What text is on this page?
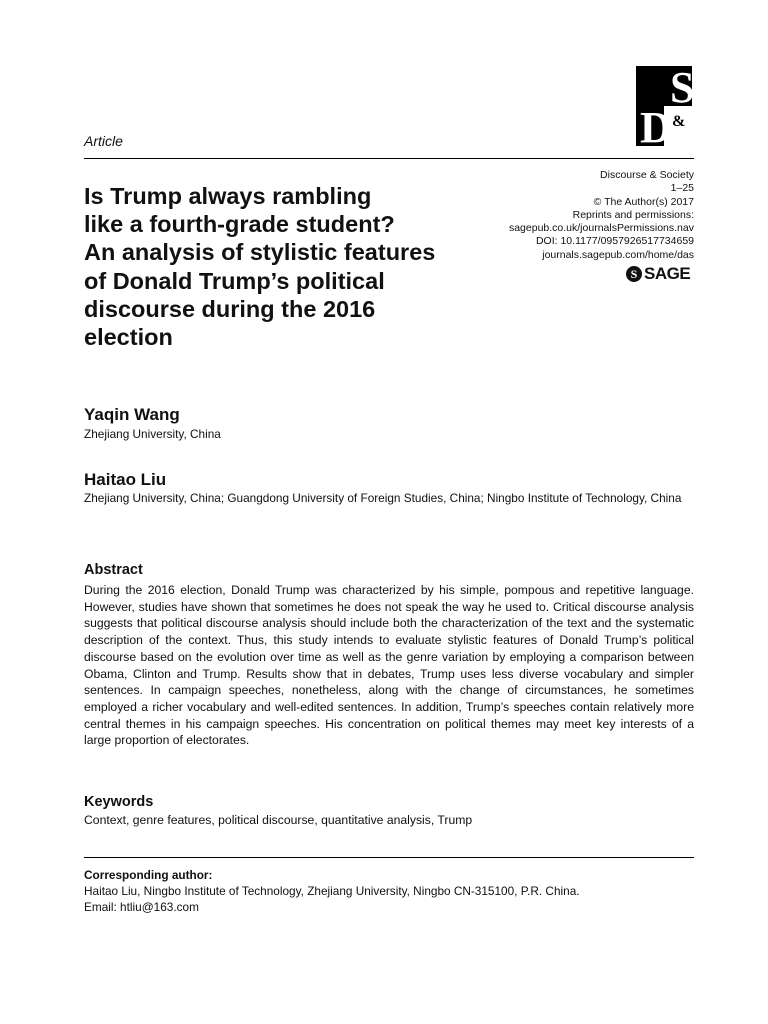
S
D &
Article
Discourse & Society
1–25
© The Author(s) 2017
Reprints and permissions:
sagepub.co.uk/journalsPermissions.nav
DOI: 10.1177/0957926517734659
journals.sagepub.com/home/das
S SAGE
Is Trump always rambling
like a fourth-grade student?
An analysis of stylistic features
of Donald Trump’s political
discourse during the 2016
election
Yaqin Wang
Zhejiang University, China
Haitao Liu
Zhejiang University, China; Guangdong University of Foreign Studies, China; Ningbo Institute of Technology, China
Abstract
During the 2016 election, Donald Trump was characterized by his simple, pompous and repetitive language. However, studies have shown that sometimes he does not speak the way he used to. Critical discourse analysis suggests that political discourse analysis should include both the characterization of the text and the systematic description of the context. Thus, this study intends to evaluate stylistic features of Donald Trump’s political discourse based on the evolution over time as well as the genre variation by employing a comparison between Obama, Clinton and Trump. Results show that in debates, Trump uses less diverse vocabulary and simpler sentences. In campaign speeches, nonetheless, along with the change of circumstances, he sometimes employed a richer vocabulary and well-edited sentences. In addition, Trump’s speeches contain relatively more central themes in his campaign speeches. His concentration on political themes may meet key interests of a large proportion of electorates.
Keywords
Context, genre features, political discourse, quantitative analysis, Trump
Corresponding author:
Haitao Liu, Ningbo Institute of Technology, Zhejiang University, Ningbo CN-315100, P.R. China.
Email: htliu@163.com
